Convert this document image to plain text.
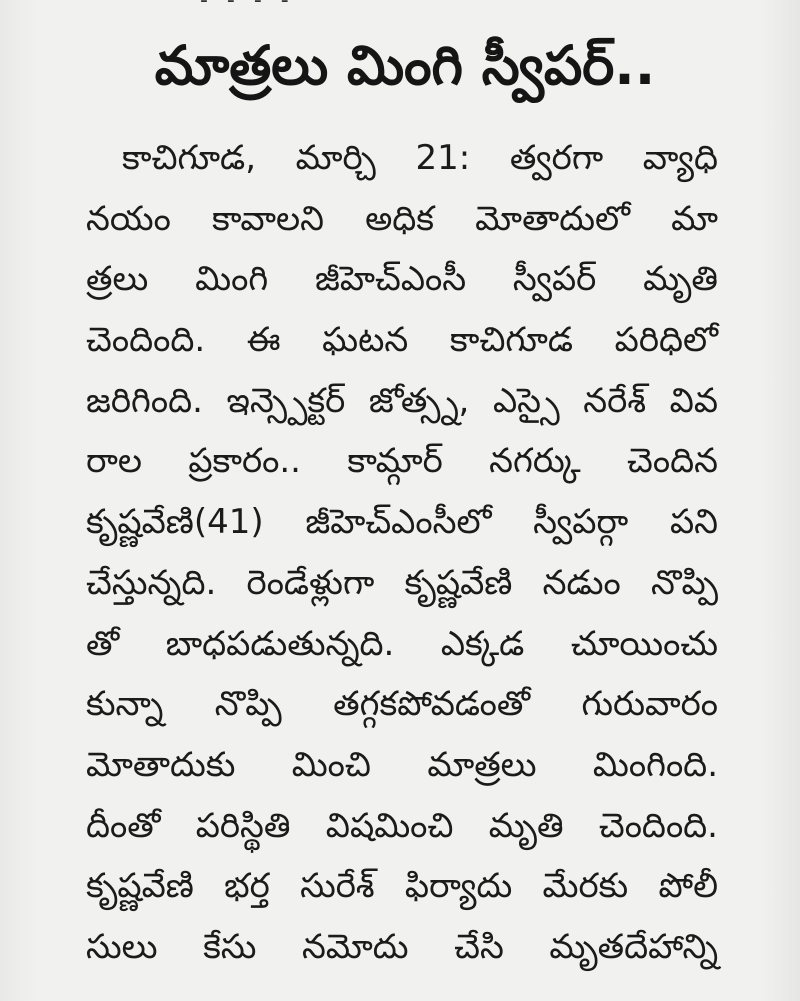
‐ ‐ ‐ ‐
మాత్రలు మింగి స్వీపర్..
కాచిగూడ, మార్చి 21: త్వరగా వ్యాధి
నయం కావాలని అధిక మోతాదులో మా
త్రలు మింగి జీహెచ్ఎంసీ స్వీపర్ మృతి
చెందింది. ఈ ఘటన కాచిగూడ పరిధిలో
జరిగింది. ఇన్స్పెక్టర్ జోత్స్న, ఎస్సై నరేశ్ వివ
రాల ప్రకారం.. కామ్గార్ నగర్కు చెందిన
కృష్ణవేణి(41) జీహెచ్ఎంసీలో స్వీపర్గా పని
చేస్తున్నది. రెండేళ్లుగా కృష్ణవేణి నడుం నొప్పి
తో బాధపడుతున్నది. ఎక్కడ చూయించు
కున్నా నొప్పి తగ్గకపోవడంతో గురువారం
మోతాదుకు మించి మాత్రలు మింగింది.
దీంతో పరిస్థితి విషమించి మృతి చెందింది.
కృష్ణవేణి భర్త సురేశ్ ఫిర్యాదు మేరకు పోలీ
సులు కేసు నమోదు చేసి మృతదేహాన్ని
